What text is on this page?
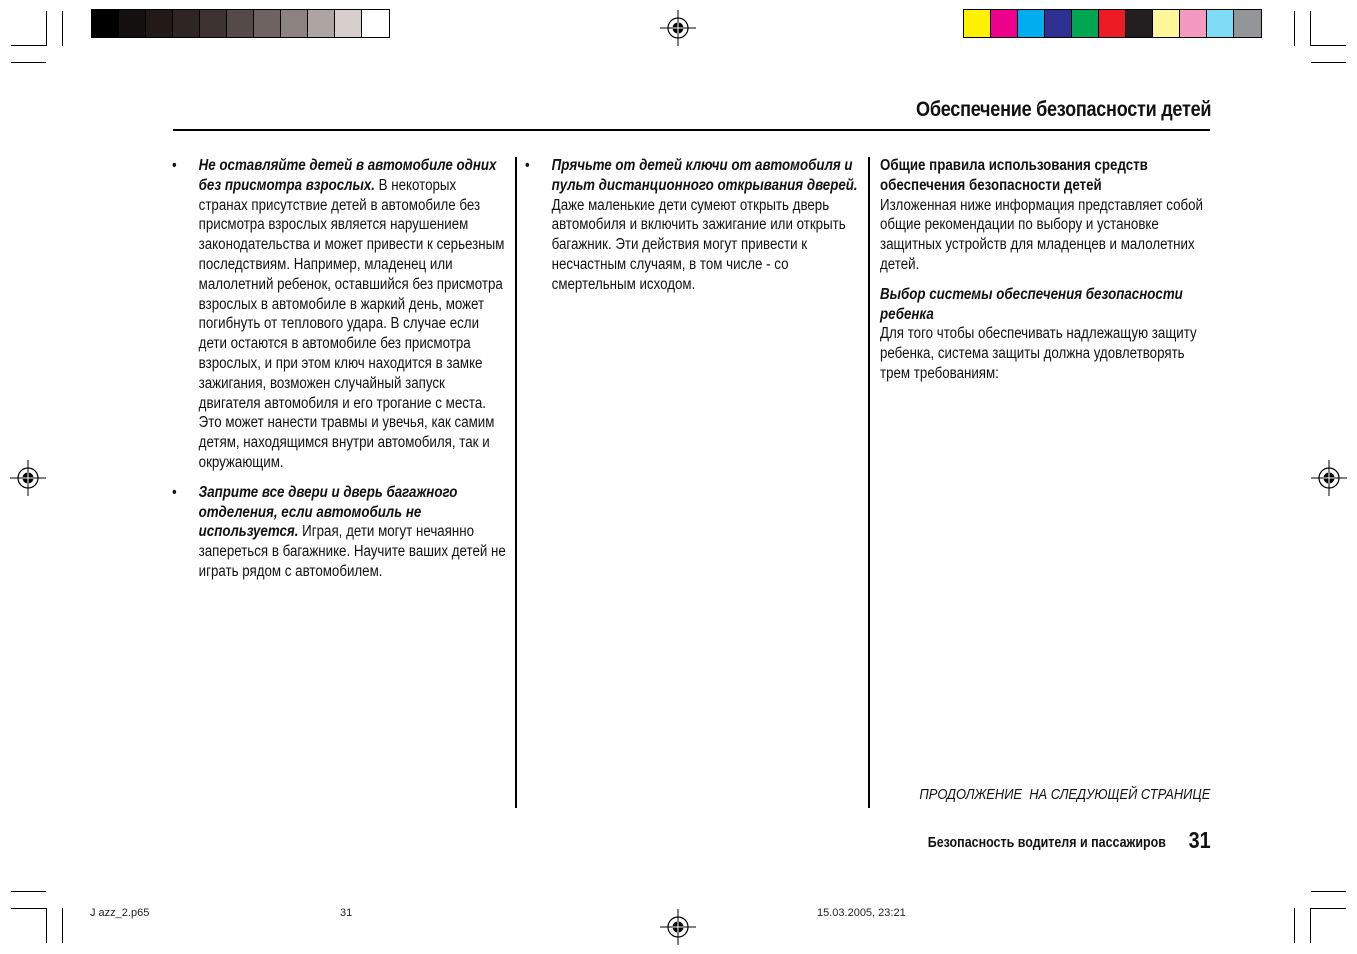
Обеспечение безопасности детей
• Не оставляйте детей в автомобиле одних без присмотра взрослых. В некоторых странах присутствие детей в автомобиле без присмотра взрослых является нарушением законодательства и может привести к серьезным последствиям. Например, младенец или малолетний ребенок, оставшийся без присмотра взрослых в автомобиле в жаркий день, может погибнуть от теплового удара. В случае если дети остаются в автомобиле без присмотра взрослых, и при этом ключ находится в замке зажигания, возможен случайный запуск двигателя автомобиля и его трогание с места. Это может нанести травмы и увечья, как самим детям, находящимся внутри автомобиля, так и окружающим.
• Заприте все двери и дверь багажного отделения, если автомобиль не используется. Играя, дети могут нечаянно запереться в багажнике. Научите ваших детей не играть рядом с автомобилем.
• Прячьте от детей ключи от автомобиля и пульт дистанционного открывания дверей. Даже маленькие дети сумеют открыть дверь автомобиля и включить зажигание или открыть багажник. Эти действия могут привести к несчастным случаям, в том числе - со смертельным исходом.
Общие правила использования средств обеспечения безопасности детей
Изложенная ниже информация представляет собой общие рекомендации по выбору и установке защитных устройств для младенцев и малолетних детей.
Выбор системы обеспечения безопасности ребенка
Для того чтобы обеспечивать надлежащую защиту ребенка, система защиты должна удовлетворять трем требованиям:
ПРОДОЛЖЕНИЕ  НА СЛЕДУЮЩЕЙ СТРАНИЦЕ
Безопасность водителя и пассажиров 31
J azz_2.p65	31	15.03.2005, 23:21
